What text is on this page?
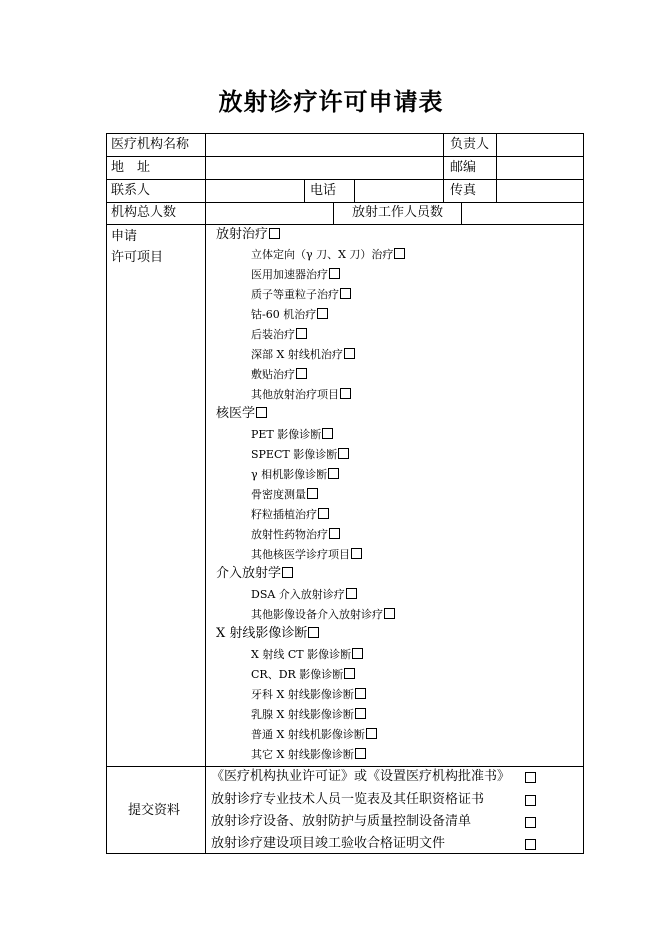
放射诊疗许可申请表
医疗机构名称	负责人
地　址	邮编
联系人	电话	传真
机构总人数	放射工作人员数
申请
许可项目
放射治疗
立体定向（γ 刀、X 刀）治疗
医用加速器治疗
质子等重粒子治疗
钴-60 机治疗
后装治疗
深部 X 射线机治疗
敷贴治疗
其他放射治疗项目
核医学
PET 影像诊断
SPECT 影像诊断
γ 相机影像诊断
骨密度测量
籽粒插植治疗
放射性药物治疗
其他核医学诊疗项目
介入放射学
DSA 介入放射诊疗
其他影像设备介入放射诊疗
X 射线影像诊断
X 射线 CT 影像诊断
CR、DR 影像诊断
牙科 X 射线影像诊断
乳腺 X 射线影像诊断
普通 X 射线机影像诊断
其它 X 射线影像诊断
提交资料
《医疗机构执业许可证》或《设置医疗机构批准书》
放射诊疗专业技术人员一览表及其任职资格证书
放射诊疗设备、放射防护与质量控制设备清单
放射诊疗建设项目竣工验收合格证明文件
